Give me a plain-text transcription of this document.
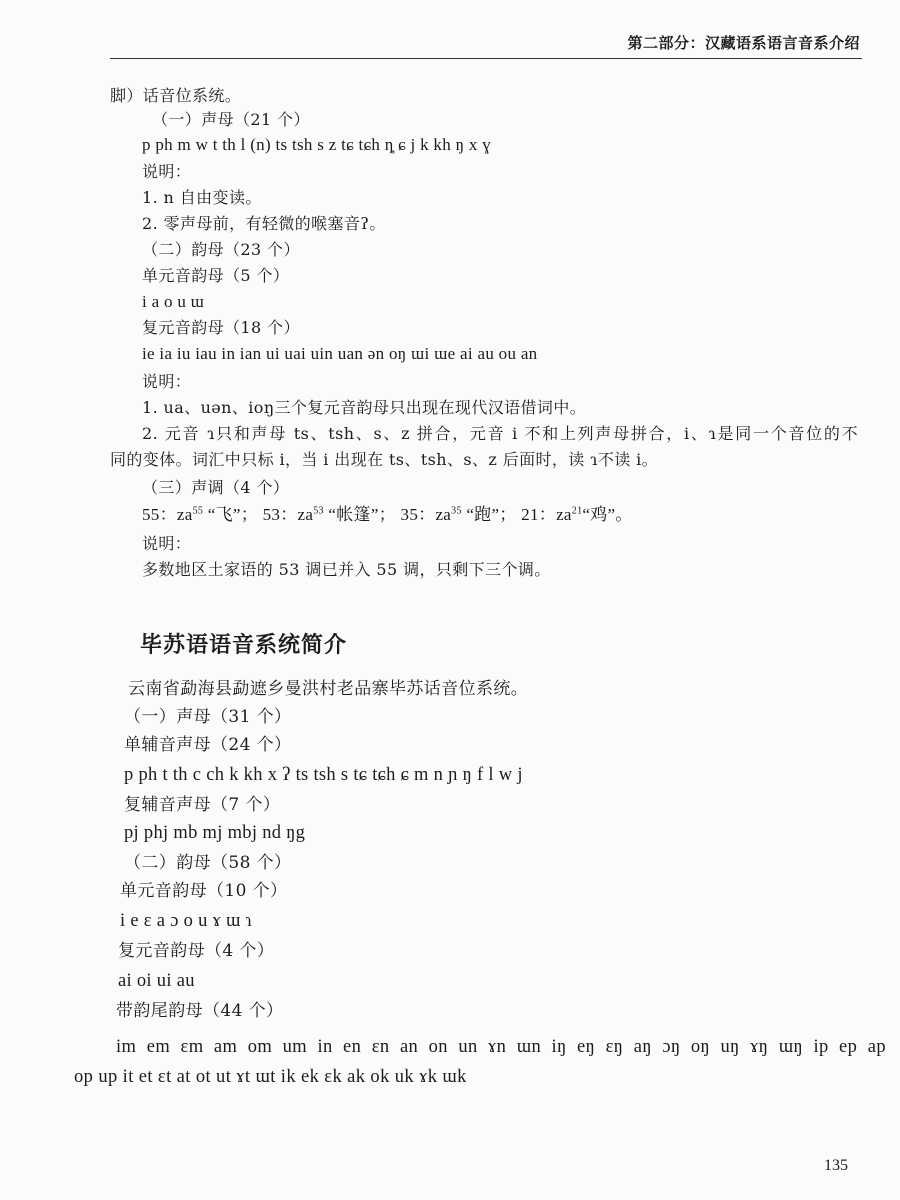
第二部分：汉藏语系语言音系介绍
脚）话音位系统。
（一）声母（21 个）
p ph m w t th l (n) ts tsh s z tɕ tɕh ȵ ɕ j k kh ŋ x ɣ
说明：
1. n 自由变读。
2. 零声母前，有轻微的喉塞音ʔ。
（二）韵母（23 个）
单元音韵母（5 个）
i a o u ɯ
复元音韵母（18 个）
ie ia iu iau in ian ui uai uin uan ən oŋ ɯi ɯe ai au ou an
说明：
1. ua、uən、ioŋ三个复元音韵母只出现在现代汉语借词中。
2. 元音 ɿ只和声母 ts、tsh、s、z 拼合，元音 i 不和上列声母拼合，i、ɿ是同一个音位的不
同的变体。词汇中只标 i，当 i 出现在 ts、tsh、s、z 后面时，读 ɿ不读 i。
（三）声调（4 个）
55：$za^{55}$ “飞”； 53：$za^{53}$ “帐篷”； 35：$za^{35}$ “跑”； 21：$za^{21}“$鸡”。
说明：
多数地区土家语的 53 调已并入 55 调，只剩下三个调。
毕苏语语音系统简介
云南省勐海县勐遮乡曼洪村老品寨毕苏话音位系统。
（一）声母（31 个）
单辅音声母（24 个）
p ph t th c ch k kh x ʔ ts tsh s tɕ tɕh ɕ m n ɲ ŋ f l w j
复辅音声母（7 个）
pj phj mb mj mbj nd ŋg
（二）韵母（58 个）
单元音韵母（10 个）
i e ɛ a ɔ o u ɤ ɯ ɿ
复元音韵母（4 个）
ai oi ui au
带韵尾韵母（44 个）
im em ɛm am om um in en ɛn an on un ɤn ɯn iŋ eŋ ɛŋ aŋ ɔŋ oŋ uŋ ɤŋ ɯŋ ip ep ap
op up it et ɛt at ot ut ɤt ɯt ik ek ɛk ak ok uk ɤk ɯk
135
